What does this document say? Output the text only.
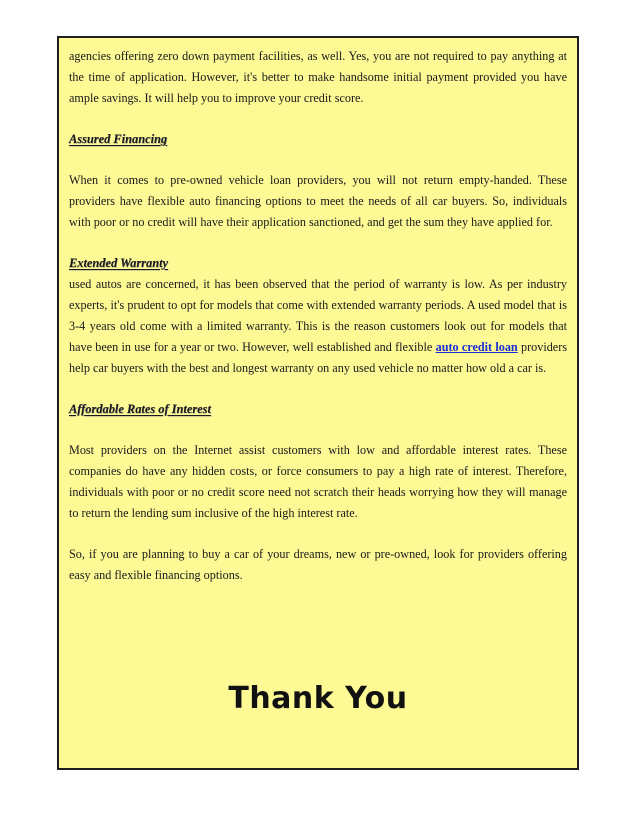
agencies offering zero down payment facilities, as well. Yes, you are not required to pay anything at the time of application. However, it's better to make handsome initial payment provided you have ample savings. It will help you to improve your credit score.

Assured Financing

When it comes to pre-owned vehicle loan providers, you will not return empty-handed. These providers have flexible auto financing options to meet the needs of all car buyers. So, individuals with poor or no credit will have their application sanctioned, and get the sum they have applied for.

Extended Warranty

used autos are concerned, it has been observed that the period of warranty is low. As per industry experts, it's prudent to opt for models that come with extended warranty periods. A used model that is 3-4 years old come with a limited warranty. This is the reason customers look out for models that have been in use for a year or two. However, well established and flexible auto credit loan providers help car buyers with the best and longest warranty on any used vehicle no matter how old a car is.

Affordable Rates of Interest

Most providers on the Internet assist customers with low and affordable interest rates. These companies do have any hidden costs, or force consumers to pay a high rate of interest. Therefore, individuals with poor or no credit score need not scratch their heads worrying how they will manage to return the lending sum inclusive of the high interest rate.

So, if you are planning to buy a car of your dreams, new or pre-owned, look for providers offering easy and flexible financing options.

Thank You
